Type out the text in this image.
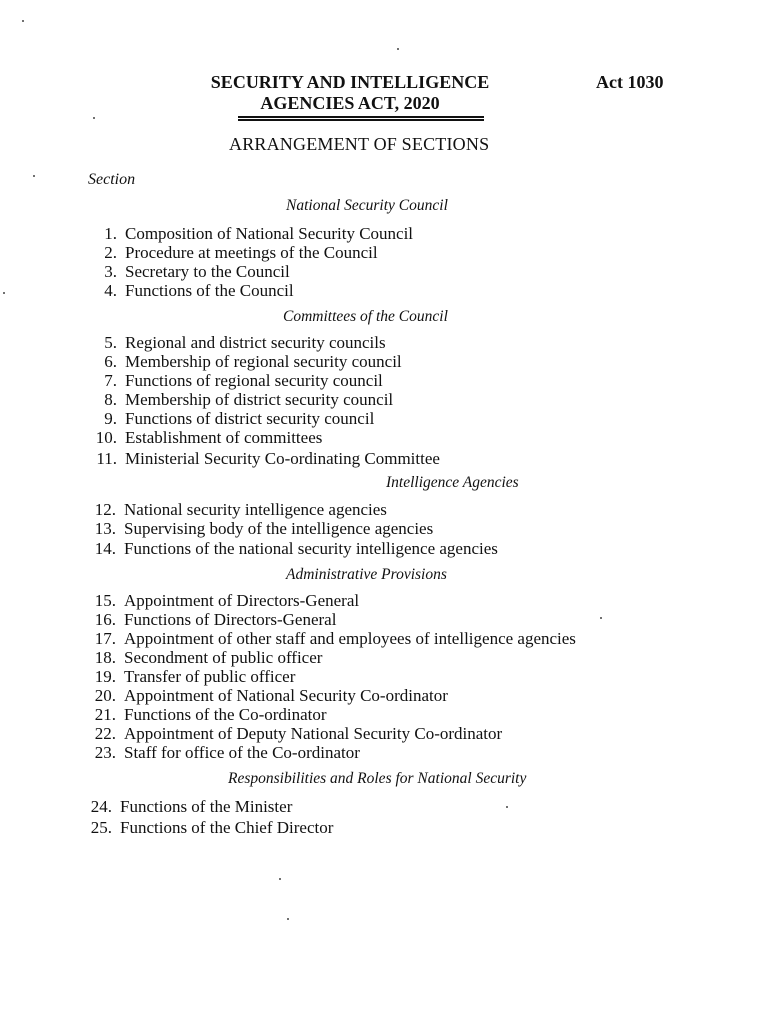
SECURITY AND INTELLIGENCE
AGENCIES ACT, 2020
Act 1030
ARRANGEMENT OF SECTIONS
Section
National Security Council
1. Composition of National Security Council
2. Procedure at meetings of the Council
3. Secretary to the Council
4. Functions of the Council
Committees of the Council
5. Regional and district security councils
6. Membership of regional security council
7. Functions of regional security council
8. Membership of district security council
9. Functions of district security council
10. Establishment of committees
11. Ministerial Security Co-ordinating Committee
Intelligence Agencies
12. National security intelligence agencies
13. Supervising body of the intelligence agencies
14. Functions of the national security intelligence agencies
Administrative Provisions
15. Appointment of Directors-General
16. Functions of Directors-General
17. Appointment of other staff and employees of intelligence agencies
18. Secondment of public officer
19. Transfer of public officer
20. Appointment of National Security Co-ordinator
21. Functions of the Co-ordinator
22. Appointment of Deputy National Security Co-ordinator
23. Staff for office of the Co-ordinator
Responsibilities and Roles for National Security
24. Functions of the Minister
25. Functions of the Chief Director
